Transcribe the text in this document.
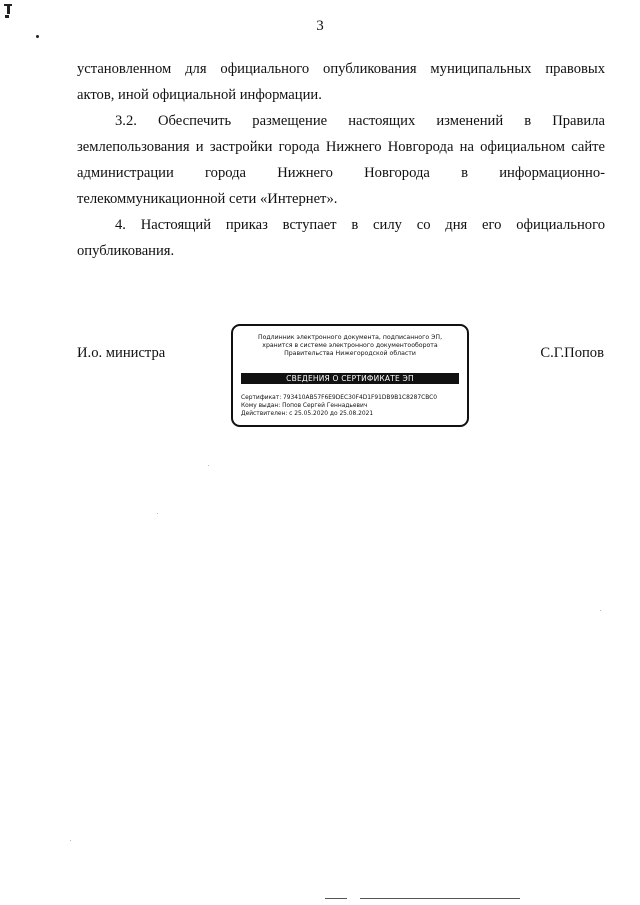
3
установленном для официального опубликования муниципальных правовых
актов, иной официальной информации.
3.2. Обеспечить размещение настоящих изменений в Правила
землепользования и застройки города Нижнего Новгорода на официальном сайте
администрации города Нижнего Новгорода в информационно-
телекоммуникационной сети «Интернет».
4. Настоящий приказ вступает в силу со дня его официального
опубликования.
И.о. министра
Подлинник электронного документа, подписанного ЭП,
хранится в системе электронного документооборота
Правительства Нижегородской области
СВЕДЕНИЯ О СЕРТИФИКАТЕ ЭП
Сертификат: 793410AB57F6E9DEC30F4D1F91DB9B1C8287CBC0
Кому выдан: Попов Сергей Геннадьевич
Действителен: с 25.05.2020 до 25.08.2021
С.Г.Попов
